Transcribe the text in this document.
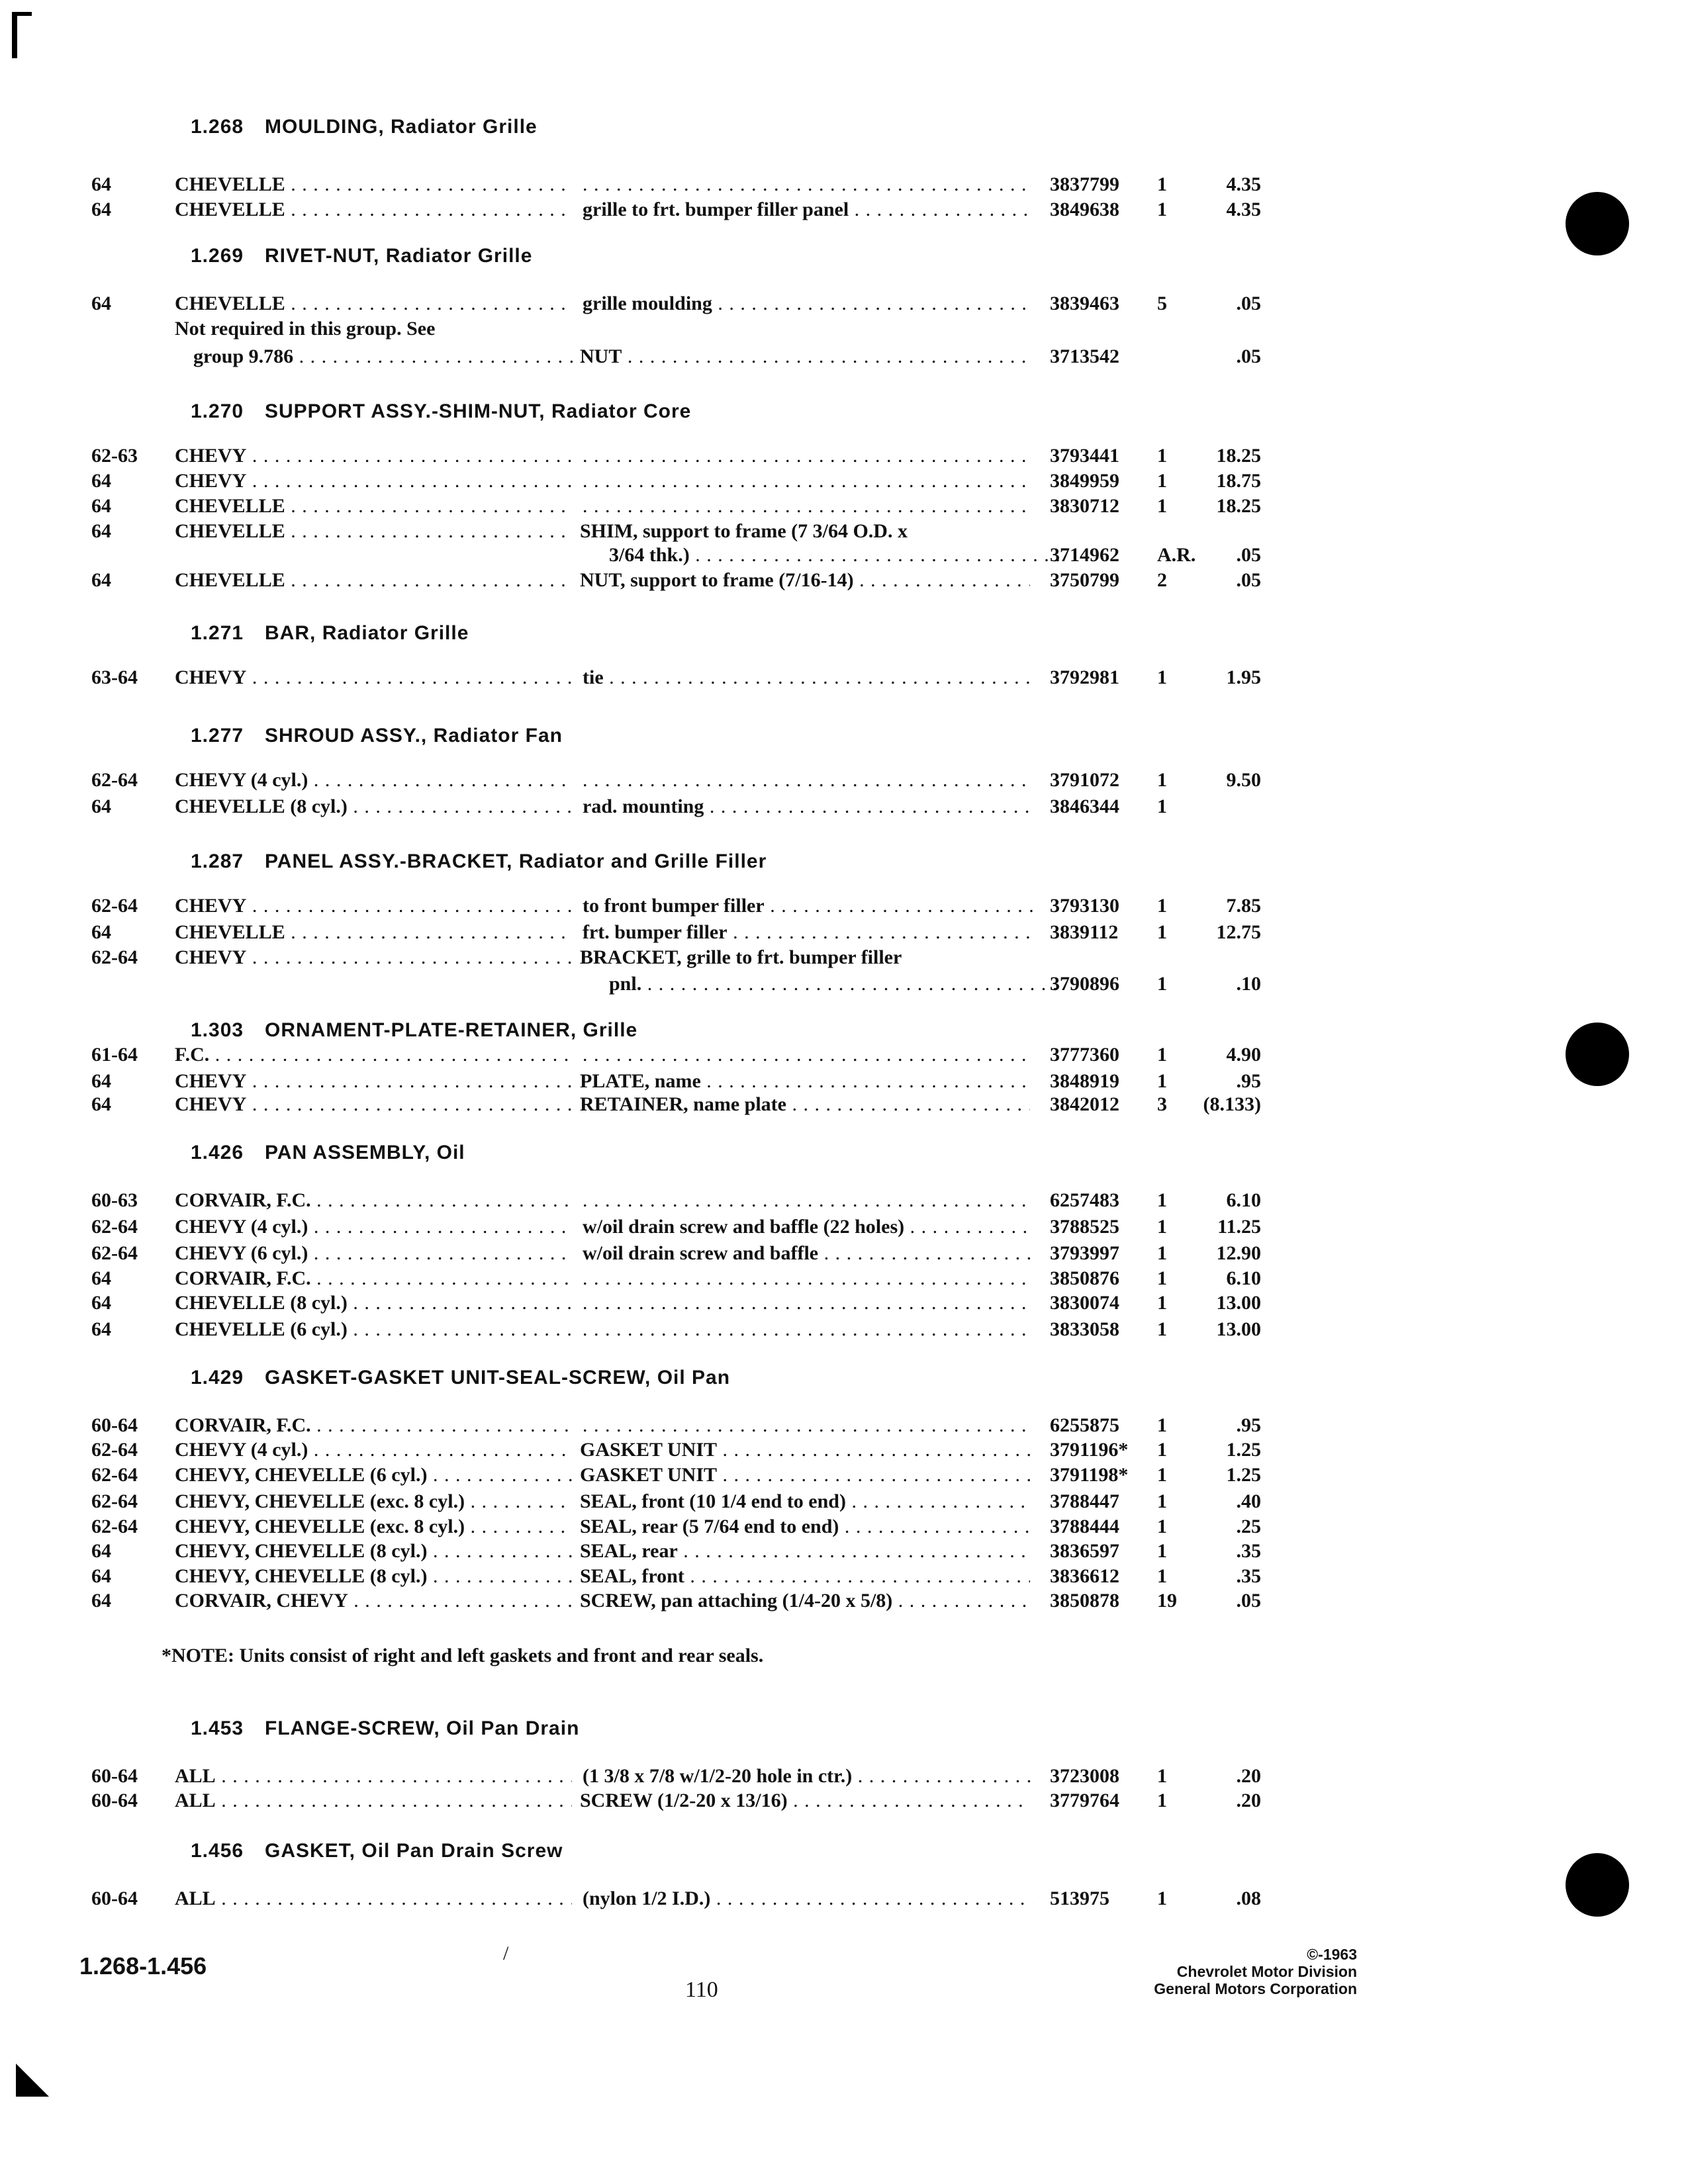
1.268 MOULDING, Radiator Grille
64	CHEVELLE . . . . . .	3837799 1	4.35
64	CHEVELLE . . .	grille to frt. bumper filler panel . . .	3849638 1	4.35
1.269 RIVET-NUT, Radiator Grille
64	CHEVELLE . . .	grille moulding . . .	3839463 5	.05
Not required in this group. See
group 9.786 . . .	NUT . . .	3713542	.05
1.270 SUPPORT ASSY.-SHIM-NUT, Radiator Core
62-63 CHEVY . . . . . .	3793441 1	18.25
64	CHEVY . . . . . .	3849959 1	18.75
64	CHEVELLE . . . . . .	3830712 1	18.25
64	CHEVELLE . . .	SHIM, support to frame (7 3/64 O.D. x
3/64 thk.) . . .	3714962 A.R.	.05
64	CHEVELLE . . .	NUT, support to frame (7/16-14) . . .	3750799 2	.05
1.271 BAR, Radiator Grille
63-64 CHEVY . . .	tie . . .	3792981 1	1.95
1.277 SHROUD ASSY., Radiator Fan
62-64 CHEVY (4 cyl.) . . . . . .	3791072 1	9.50
64	CHEVELLE (8 cyl.) . . .	rad. mounting . . .	3846344 1
1.287 PANEL ASSY.-BRACKET, Radiator and Grille Filler
62-64 CHEVY . . .	to front bumper filler . . .	3793130 1	7.85
64	CHEVELLE . . .	frt. bumper filler . . .	3839112 1	12.75
62-64 CHEVY . . .	BRACKET, grille to frt. bumper filler
pnl. . . .	3790896 1	.10
1.303 ORNAMENT-PLATE-RETAINER, Grille
61-64 F.C. . . . . . .	3777360 1	4.90
64	CHEVY . . .	PLATE, name . . .	3848919 1	.95
64	CHEVY . . .	RETAINER, name plate . . .	3842012 3	(8.133)
1.426 PAN ASSEMBLY, Oil
60-63 CORVAIR, F.C. . . . . . .	6257483 1	6.10
62-64 CHEVY (4 cyl.) . . .	w/oil drain screw and baffle (22 holes) . . .	3788525 1	11.25
62-64 CHEVY (6 cyl.) . . .	w/oil drain screw and baffle . . .	3793997 1	12.90
64	CORVAIR, F.C. . . . . . .	3850876 1	6.10
64	CHEVELLE (8 cyl.) . . . . . .	3830074 1	13.00
64	CHEVELLE (6 cyl.) . . . . . .	3833058 1	13.00
1.429 GASKET-GASKET UNIT-SEAL-SCREW, Oil Pan
60-64 CORVAIR, F.C. . . . . . .	6255875 1	.95
62-64 CHEVY (4 cyl.) . . .	GASKET UNIT . . .	3791196* 1	1.25
62-64 CHEVY, CHEVELLE (6 cyl.) . . .	GASKET UNIT . . .	3791198* 1	1.25
62-64 CHEVY, CHEVELLE (exc. 8 cyl.) . . .	SEAL, front (10 1/4 end to end) . . .	3788447 1	.40
62-64 CHEVY, CHEVELLE (exc. 8 cyl.) . . .	SEAL, rear (5 7/64 end to end) . . .	3788444 1	.25
64	CHEVY, CHEVELLE (8 cyl.) . . .	SEAL, rear . . .	3836597 1	.35
64	CHEVY, CHEVELLE (8 cyl.) . . .	SEAL, front . . .	3836612 1	.35
64	CORVAIR, CHEVY . . .	SCREW, pan attaching (1/4-20 x 5/8) . . .	3850878 19	.05
1.453 FLANGE-SCREW, Oil Pan Drain
60-64 ALL . . .	(1 3/8 x 7/8 w/1/2-20 hole in ctr.) . . .	3723008 1	.20
60-64 ALL . . .	SCREW (1/2-20 x 13/16) . . .	3779764 1	.20
1.456 GASKET, Oil Pan Drain Screw
60-64 ALL . . .	(nylon 1/2 I.D.) . . .	513975 1	.08
*NOTE: Units consist of right and left gaskets and front and rear seals.
1.268-1.456	/
110
©-1963
Chevrolet Motor Division
General Motors Corporation
